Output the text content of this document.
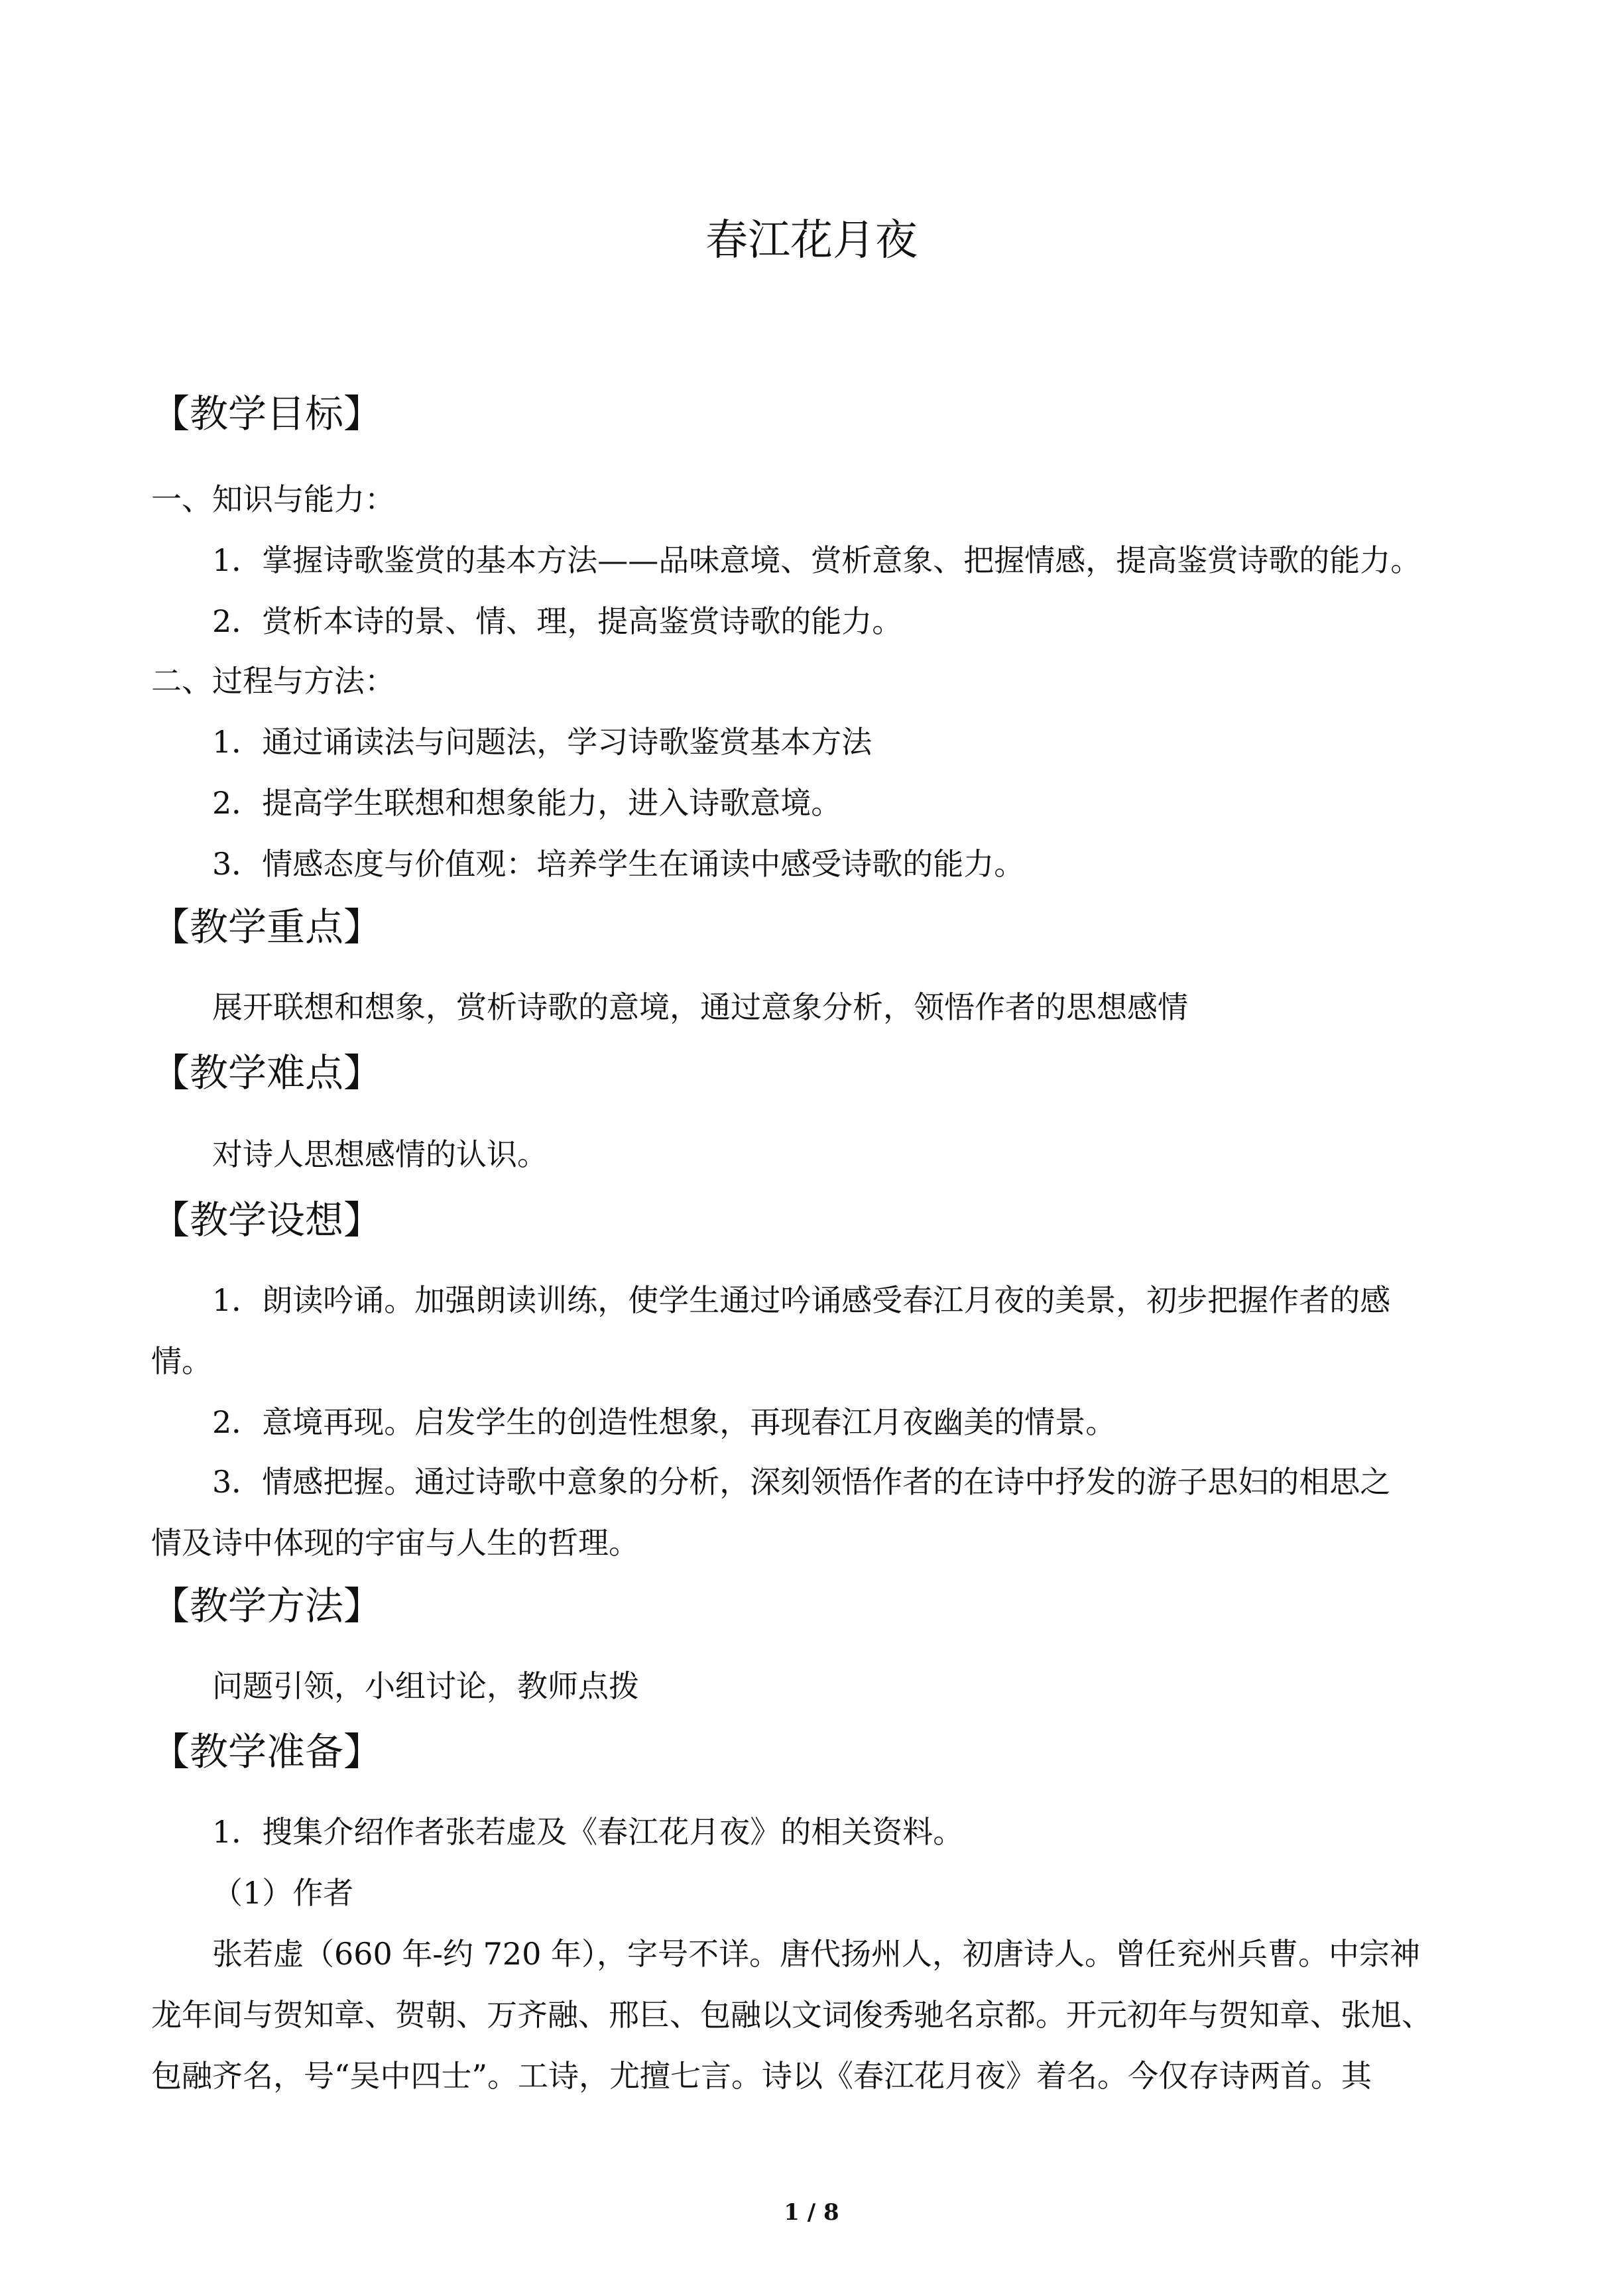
春江花月夜
【教学目标】
一、知识与能力：
1．掌握诗歌鉴赏的基本方法——品味意境、赏析意象、把握情感，提高鉴赏诗歌的能力。
2．赏析本诗的景、情、理，提高鉴赏诗歌的能力。
二、过程与方法：
1．通过诵读法与问题法，学习诗歌鉴赏基本方法
2．提高学生联想和想象能力，进入诗歌意境。
3．情感态度与价值观：培养学生在诵读中感受诗歌的能力。
【教学重点】
展开联想和想象，赏析诗歌的意境，通过意象分析，领悟作者的思想感情
【教学难点】
对诗人思想感情的认识。
【教学设想】
1．朗读吟诵。加强朗读训练，使学生通过吟诵感受春江月夜的美景，初步把握作者的感
情。
2．意境再现。启发学生的创造性想象，再现春江月夜幽美的情景。
3．情感把握。通过诗歌中意象的分析，深刻领悟作者的在诗中抒发的游子思妇的相思之
情及诗中体现的宇宙与人生的哲理。
【教学方法】
问题引领，小组讨论，教师点拨
【教学准备】
1．搜集介绍作者张若虚及《春江花月夜》的相关资料。
（1）作者
张若虚（660 年-约 720 年），字号不详。唐代扬州人，初唐诗人。曾任兖州兵曹。中宗神
龙年间与贺知章、贺朝、万齐融、邢巨、包融以文词俊秀驰名京都。开元初年与贺知章、张旭、
包融齐名，号“吴中四士”。工诗，尤擅七言。诗以《春江花月夜》着名。今仅存诗两首。其
1 / 8
